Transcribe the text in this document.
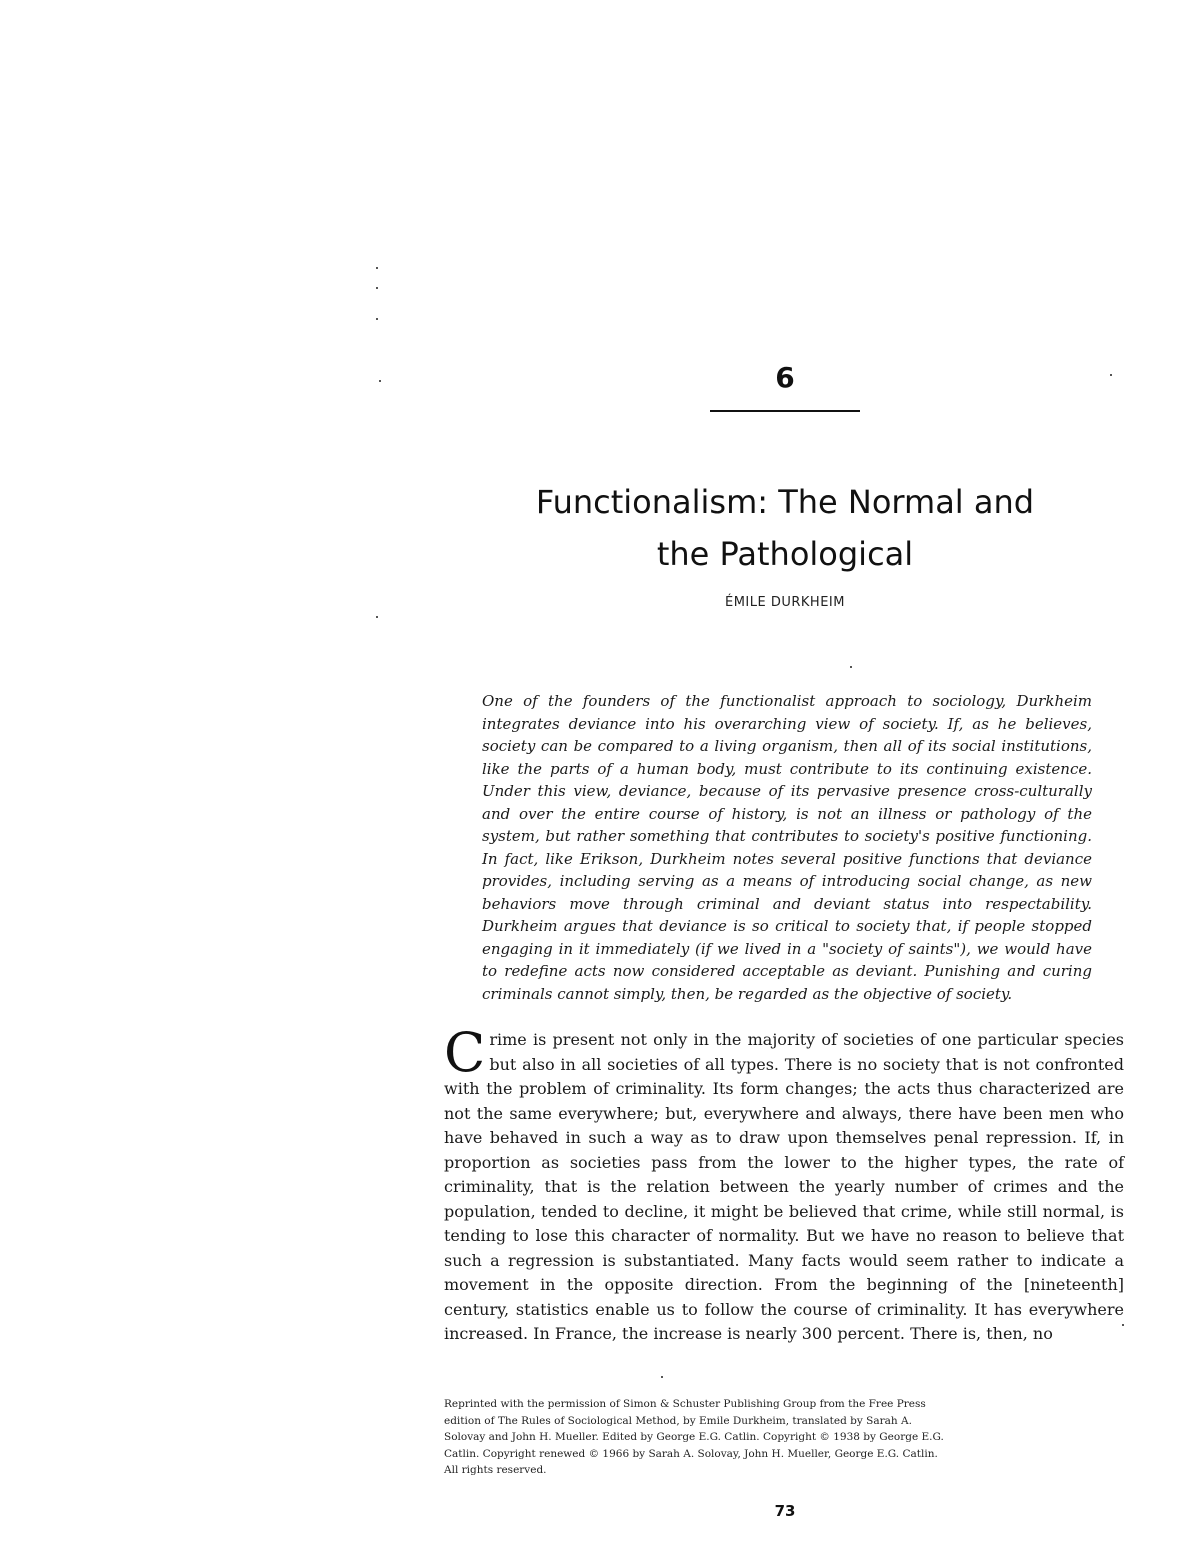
6
Functionalism: The Normal and the Pathological
ÉMILE DURKHEIM

One of the founders of the functionalist approach to sociology, Durkheim integrates deviance into his overarching view of society. If, as he believes, society can be compared to a living organism, then all of its social institutions, like the parts of a human body, must contribute to its continuing existence. Under this view, deviance, because of its pervasive presence cross-culturally and over the entire course of history, is not an illness or pathology of the system, but rather something that contributes to society's positive functioning. In fact, like Erikson, Durkheim notes several positive functions that deviance provides, including serving as a means of introducing social change, as new behaviors move through criminal and deviant status into respectability. Durkheim argues that deviance is so critical to society that, if people stopped engaging in it immediately (if we lived in a "society of saints"), we would have to redefine acts now considered acceptable as deviant. Punishing and curing criminals cannot simply, then, be regarded as the objective of society.

Crime is present not only in the majority of societies of one particular species but also in all societies of all types. There is no society that is not confronted with the problem of criminality. Its form changes; the acts thus characterized are not the same everywhere; but, everywhere and always, there have been men who have behaved in such a way as to draw upon themselves penal repression. If, in proportion as societies pass from the lower to the higher types, the rate of criminality, that is the relation between the yearly number of crimes and the population, tended to decline, it might be believed that crime, while still normal, is tending to lose this character of normality. But we have no reason to believe that such a regression is substantiated. Many facts would seem rather to indicate a movement in the opposite direction. From the beginning of the [nineteenth] century, statistics enable us to follow the course of criminality. It has everywhere increased. In France, the increase is nearly 300 percent. There is, then, no

Reprinted with the permission of Simon & Schuster Publishing Group from the Free Press edition of The Rules of Sociological Method, by Emile Durkheim, translated by Sarah A. Solovay and John H. Mueller. Edited by George E.G. Catlin. Copyright © 1938 by George E.G. Catlin. Copyright renewed © 1966 by Sarah A. Solovay, John H. Mueller, George E.G. Catlin. All rights reserved.

73
